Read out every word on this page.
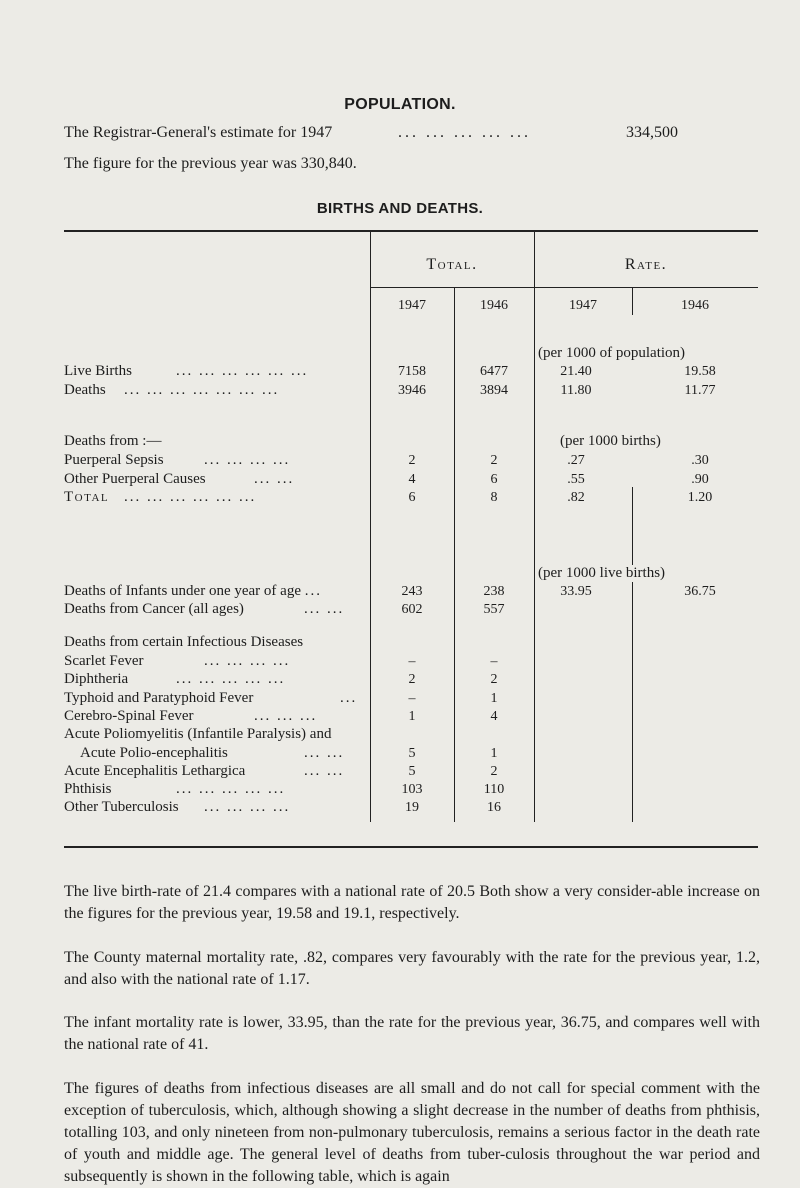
POPULATION.
The Registrar-General's estimate for 1947	... ... ... ... ...	334,500
The figure for the previous year was 330,840.
BIRTHS AND DEATHS.
Total.	Rate.
1947	1946	1947	1946
(per 1000 of population)
(per 1000 births)
(per 1000 live births)
Live Births	... ... ... ... ... ...	7158	6477	21.40	19.58
Deaths ... ... ... ... ... ... ...	3946	3894	11.80	11.77
Deaths from :—
Puerperal Sepsis	... ... ... ...	2	2	.27	.30
Other Puerperal Causes	... ...	4	6	.55	.90
Total ... ... ... ... ... ...	6	8	.82	1.20
Deaths of Infants under one year of age ...	243	238	33.95	36.75
Deaths from Cancer (all ages)	... ...	602	557
Deaths from certain Infectious Diseases
Scarlet Fever	... ... ... ...	–	–
Diphtheria	... ... ... ... ...	2	2
Typhoid and Paratyphoid Fever	...	–	1
Cerebro-Spinal Fever	... ... ...	1	4
Acute Poliomyelitis (Infantile Paralysis) and
Acute Polio-encephalitis	... ...	5	1
Acute Encephalitis Lethargica	... ...	5	2
Phthisis	... ... ... ... ...	103	110
Other Tuberculosis ... ... ... ...	19	16
The live birth-rate of 21.4 compares with a national rate of 20.5 Both show a very consider-able increase on the figures for the previous year, 19.58 and 19.1, respectively.
The County maternal mortality rate, .82, compares very favourably with the rate for the previous year, 1.2, and also with the national rate of 1.17.
The infant mortality rate is lower, 33.95, than the rate for the previous year, 36.75, and compares well with the national rate of 41.
The figures of deaths from infectious diseases are all small and do not call for special comment with the exception of tuberculosis, which, although showing a slight decrease in the number of deaths from phthisis, totalling 103, and only nineteen from non-pulmonary tuberculosis, remains a serious factor in the death rate of youth and middle age. The general level of deaths from tuber-culosis throughout the war period and subsequently is shown in the following table, which is again
